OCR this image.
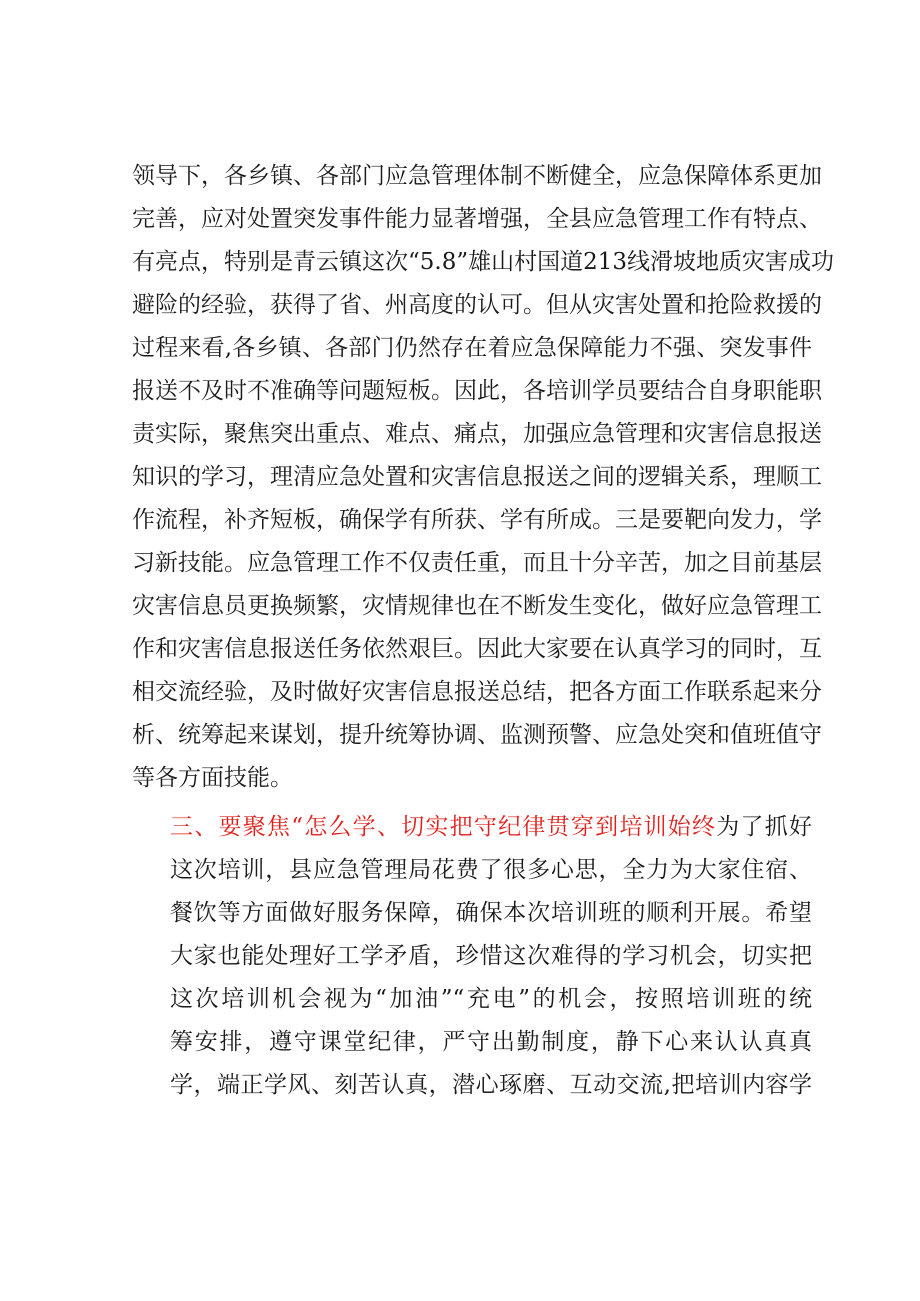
领导下，各乡镇、各部门应急管理体制不断健全，应急保障体系更加

完善，应对处置突发事件能力显著增强，全县应急管理工作有特点、

有亮点，特别是青云镇这次“5.8”雄山村国道213线滑坡地质灾害成功

避险的经验，获得了省、州高度的认可。但从灾害处置和抢险救援的

过程来看,各乡镇、各部门仍然存在着应急保障能力不强、突发事件

报送不及时不准确等问题短板。因此，各培训学员要结合自身职能职

责实际，聚焦突出重点、难点、痛点，加强应急管理和灾害信息报送

知识的学习，理清应急处置和灾害信息报送之间的逻辑关系，理顺工

作流程，补齐短板，确保学有所获、学有所成。三是要靶向发力，学

习新技能。应急管理工作不仅责任重，而且十分辛苦，加之目前基层

灾害信息员更换频繁，灾情规律也在不断发生变化，做好应急管理工

作和灾害信息报送任务依然艰巨。因此大家要在认真学习的同时，互

相交流经验，及时做好灾害信息报送总结，把各方面工作联系起来分

析、统筹起来谋划，提升统筹协调、监测预警、应急处突和值班值守

等各方面技能。

三、要聚焦“怎么学、切实把守纪律贯穿到培训始终为了抓好

这次培训，县应急管理局花费了很多心思，全力为大家住宿、

餐饮等方面做好服务保障，确保本次培训班的顺利开展。希望

大家也能处理好工学矛盾，珍惜这次难得的学习机会，切实把

这次培训机会视为“加油”“充电”的机会，按照培训班的统

筹安排，遵守课堂纪律，严守出勤制度，静下心来认认真真

学，端正学风、刻苦认真，潜心琢磨、互动交流,把培训内容学
